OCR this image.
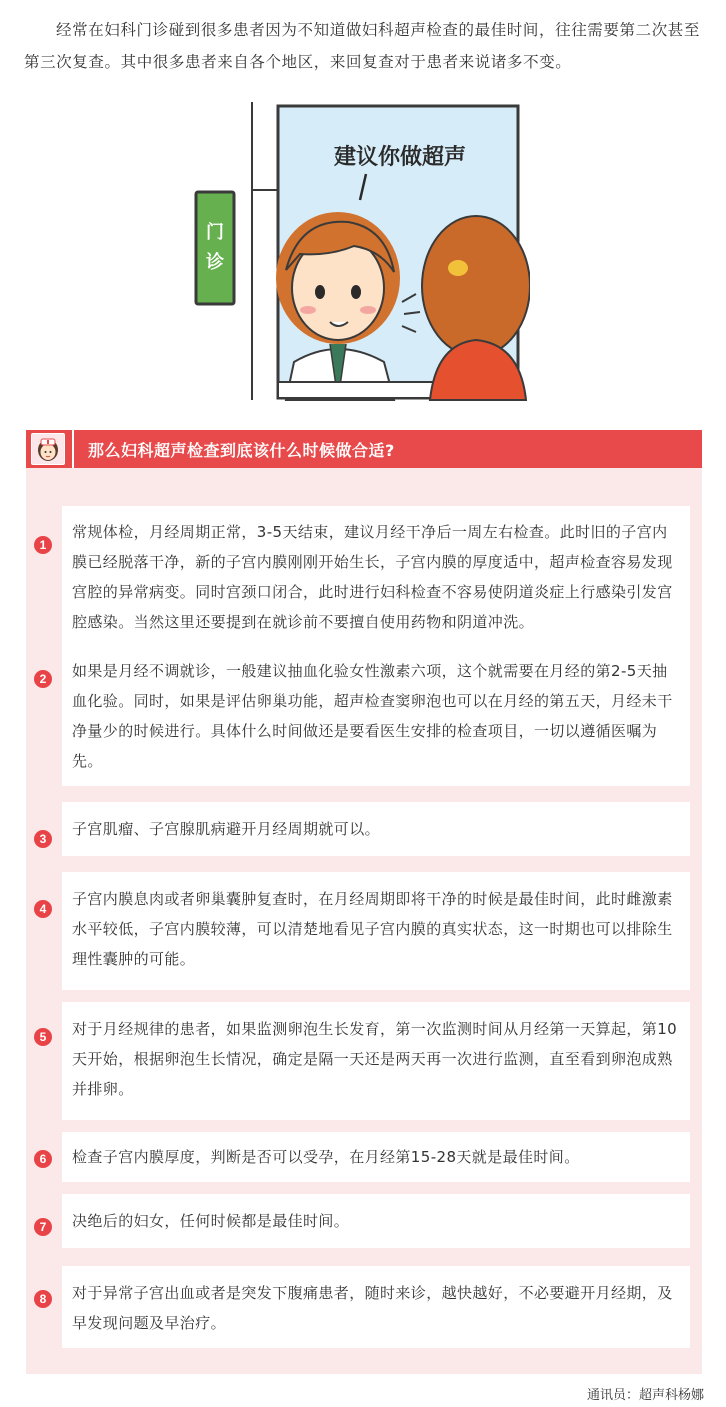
经常在妇科门诊碰到很多患者因为不知道做妇科超声检查的最佳时间，往往需要第二次甚至第三次复查。其中很多患者来自各个地区，来回复查对于患者来说诸多不变。

门
诊
建议你做超声
那么妇科超声检查到底该什么时候做合适?
1
常规体检，月经周期正常，3-5天结束，建议月经干净后一周左右检查。此时旧的子宫内膜已经脱落干净，新的子宫内膜刚刚开始生长，子宫内膜的厚度适中，超声检查容易发现宫腔的异常病变。同时宫颈口闭合，此时进行妇科检查不容易使阴道炎症上行感染引发宫腔感染。当然这里还要提到在就诊前不要擅自使用药物和阴道冲洗。
2	如果是月经不调就诊，一般建议抽血化验女性激素六项，这个就需要在月经的第2-5天抽血化验。同时，如果是评估卵巢功能，超声检查窦卵泡也可以在月经的第五天，月经未干净量少的时候进行。具体什么时间做还是要看医生安排的检查项目，一切以遵循医嘱为先。
3
子宫肌瘤、子宫腺肌病避开月经周期就可以。
4
子宫内膜息肉或者卵巢囊肿复查时，在月经周期即将干净的时候是最佳时间，此时雌激素水平较低，子宫内膜较薄，可以清楚地看见子宫内膜的真实状态，这一时期也可以排除生理性囊肿的可能。
5	对于月经规律的患者，如果监测卵泡生长发育，第一次监测时间从月经第一天算起，第10天开始，根据卵泡生长情况，确定是隔一天还是两天再一次进行监测，直至看到卵泡成熟并排卵。
6	检查子宫内膜厚度，判断是否可以受孕，在月经第15-28天就是最佳时间。
7	决绝后的妇女，任何时候都是最佳时间。
8	对于异常子宫出血或者是突发下腹痛患者，随时来诊，越快越好，不必要避开月经期，及早发现问题及早治疗。
通讯员：超声科杨娜
